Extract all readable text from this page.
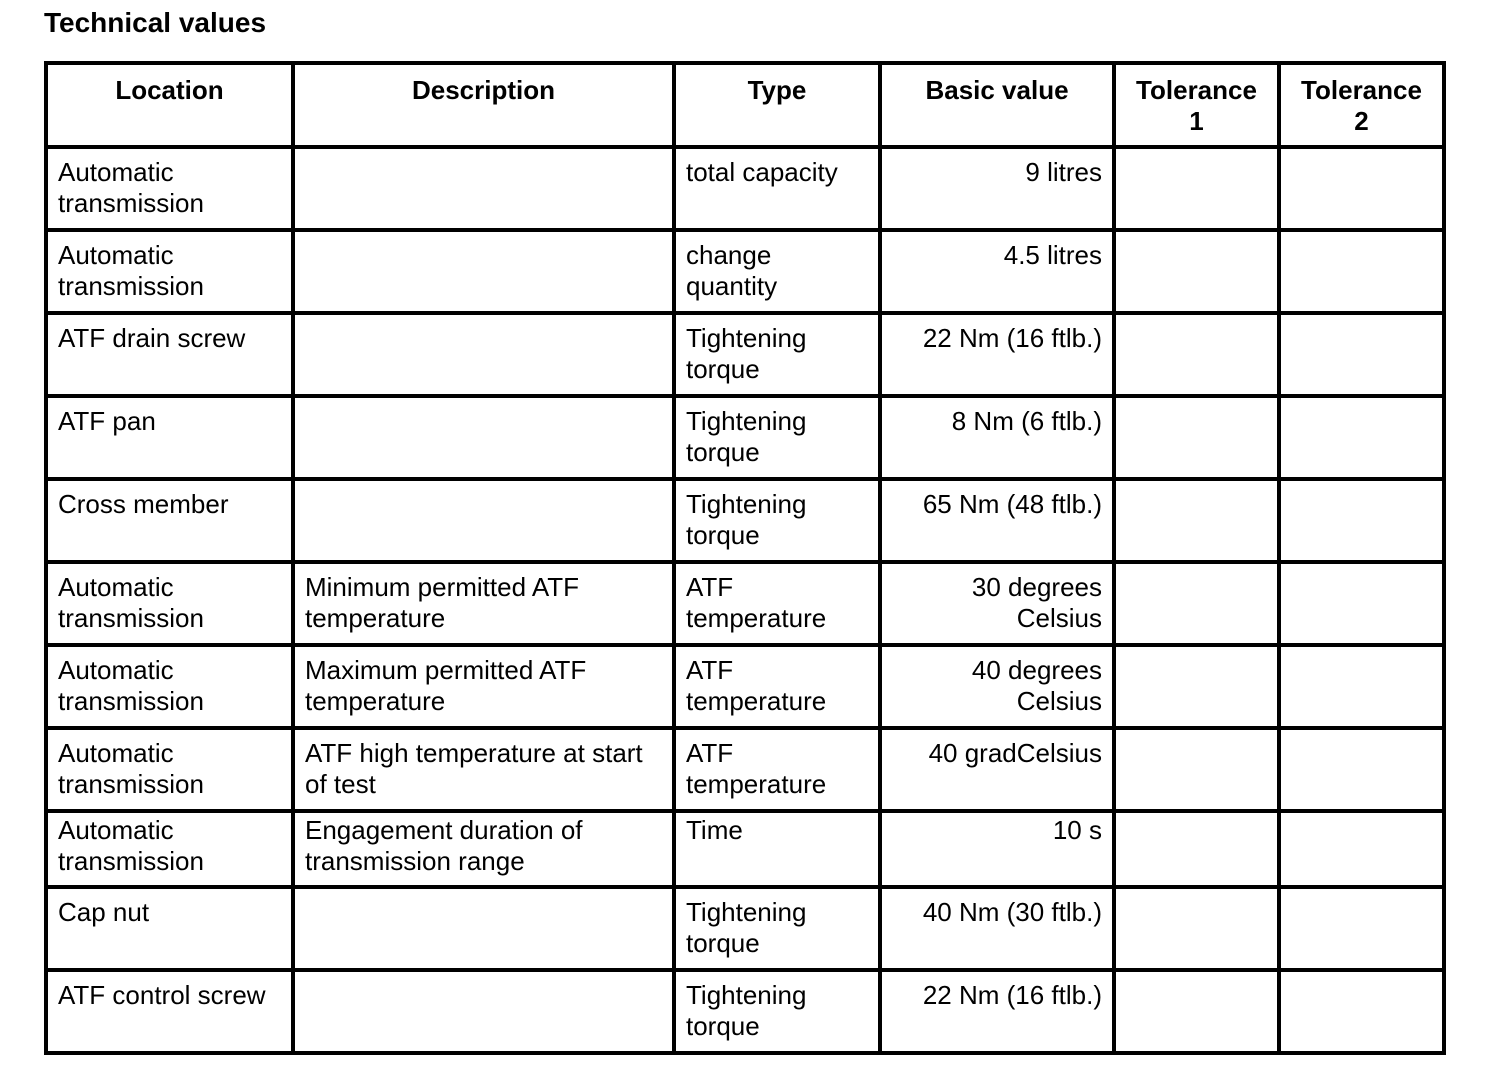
Technical values
Location	Description	Type	Basic value	Tolerance 1	Tolerance 2
Automatic transmission		total capacity	9 litres		
Automatic transmission		change quantity	4.5 litres		
ATF drain screw		Tightening torque	22 Nm (16 ftlb.)		
ATF pan		Tightening torque	8 Nm (6 ftlb.)		
Cross member		Tightening torque	65 Nm (48 ftlb.)		
Automatic transmission	Minimum permitted ATF temperature	ATF temperature	30 degrees Celsius		
Automatic transmission	Maximum permitted ATF temperature	ATF temperature	40 degrees Celsius		
Automatic transmission	ATF high temperature at start of test	ATF temperature	40 gradCelsius		
Automatic transmission	Engagement duration of transmission range	Time	10 s		
Cap nut		Tightening torque	40 Nm (30 ftlb.)		
ATF control screw		Tightening torque	22 Nm (16 ftlb.)		
